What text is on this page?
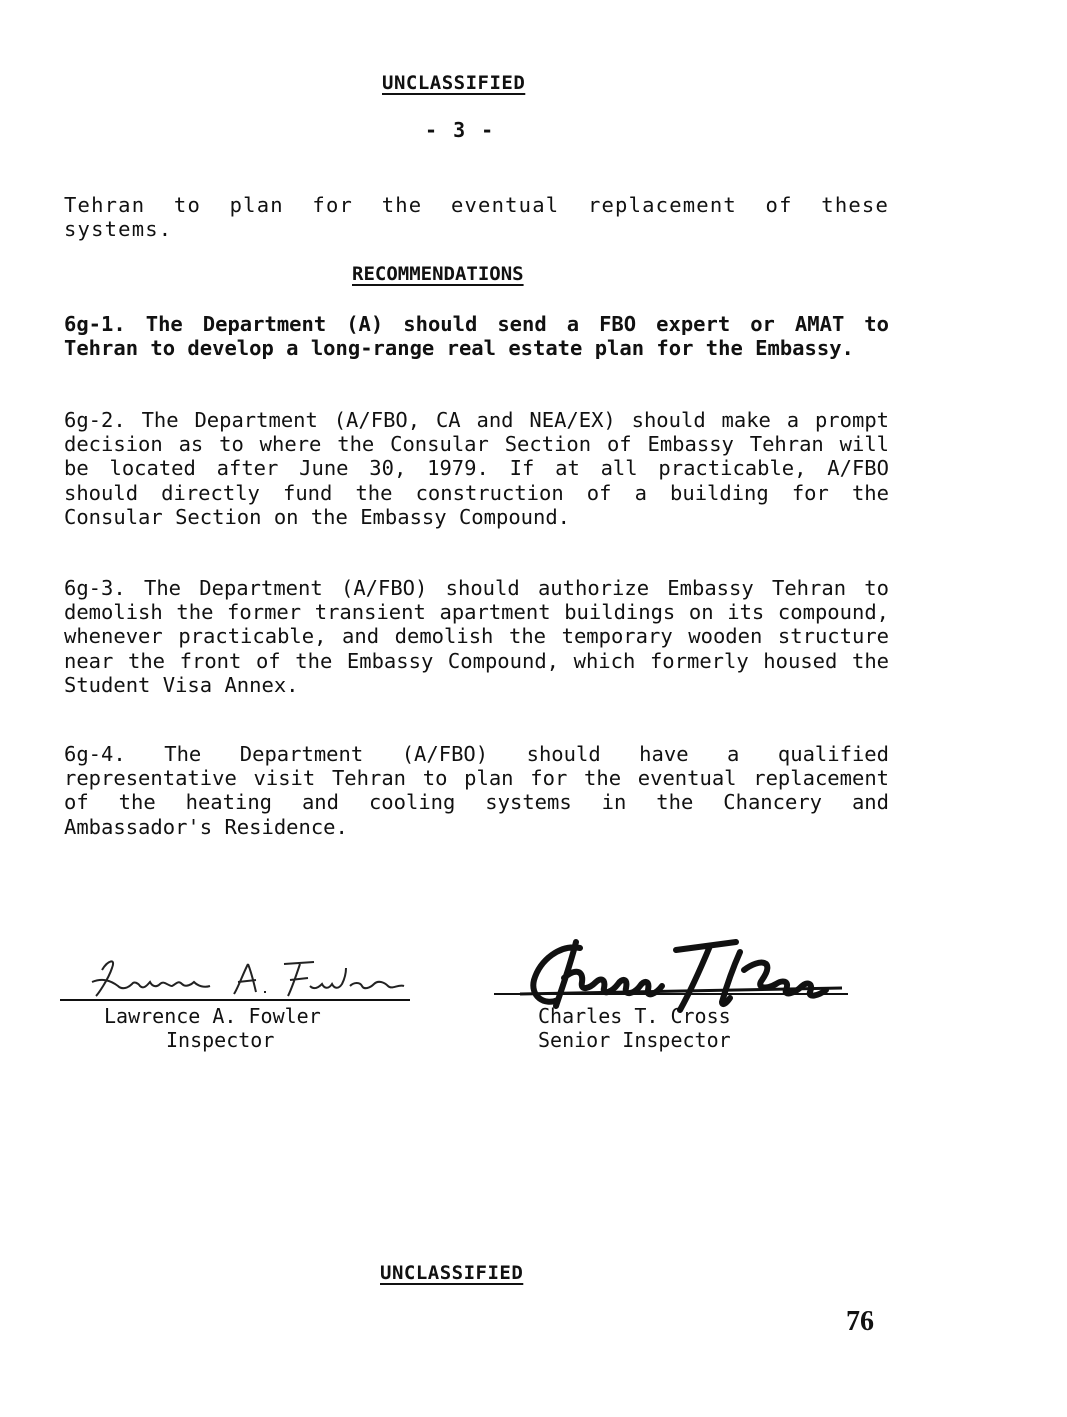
UNCLASSIFIED
- 3 -
Tehran to plan for the eventual replacement of these systems.
RECOMMENDATIONS
6g-1. The Department (A) should send a FBO expert or AMAT to Tehran to develop a long-range real estate plan for the Embassy.
6g-2. The Department (A/FBO, CA and NEA/EX) should make a prompt decision as to where the Consular Section of Embassy Tehran will be located after June 30, 1979. If at all practicable, A/FBO should directly fund the construction of a building for the Consular Section on the Embassy Compound.
6g-3. The Department (A/FBO) should authorize Embassy Tehran to demolish the former transient apartment buildings on its compound, whenever practicable, and demolish the temporary wooden structure near the front of the Embassy Compound, which formerly housed the Student Visa Annex.
6g-4. The Department (A/FBO) should have a qualified representative visit Tehran to plan for the eventual replacement of the heating and cooling systems in the Chancery and Ambassador's Residence.
Lawrence A. Fowler
Inspector
Charles T. Cross
Senior Inspector
UNCLASSIFIED
76
